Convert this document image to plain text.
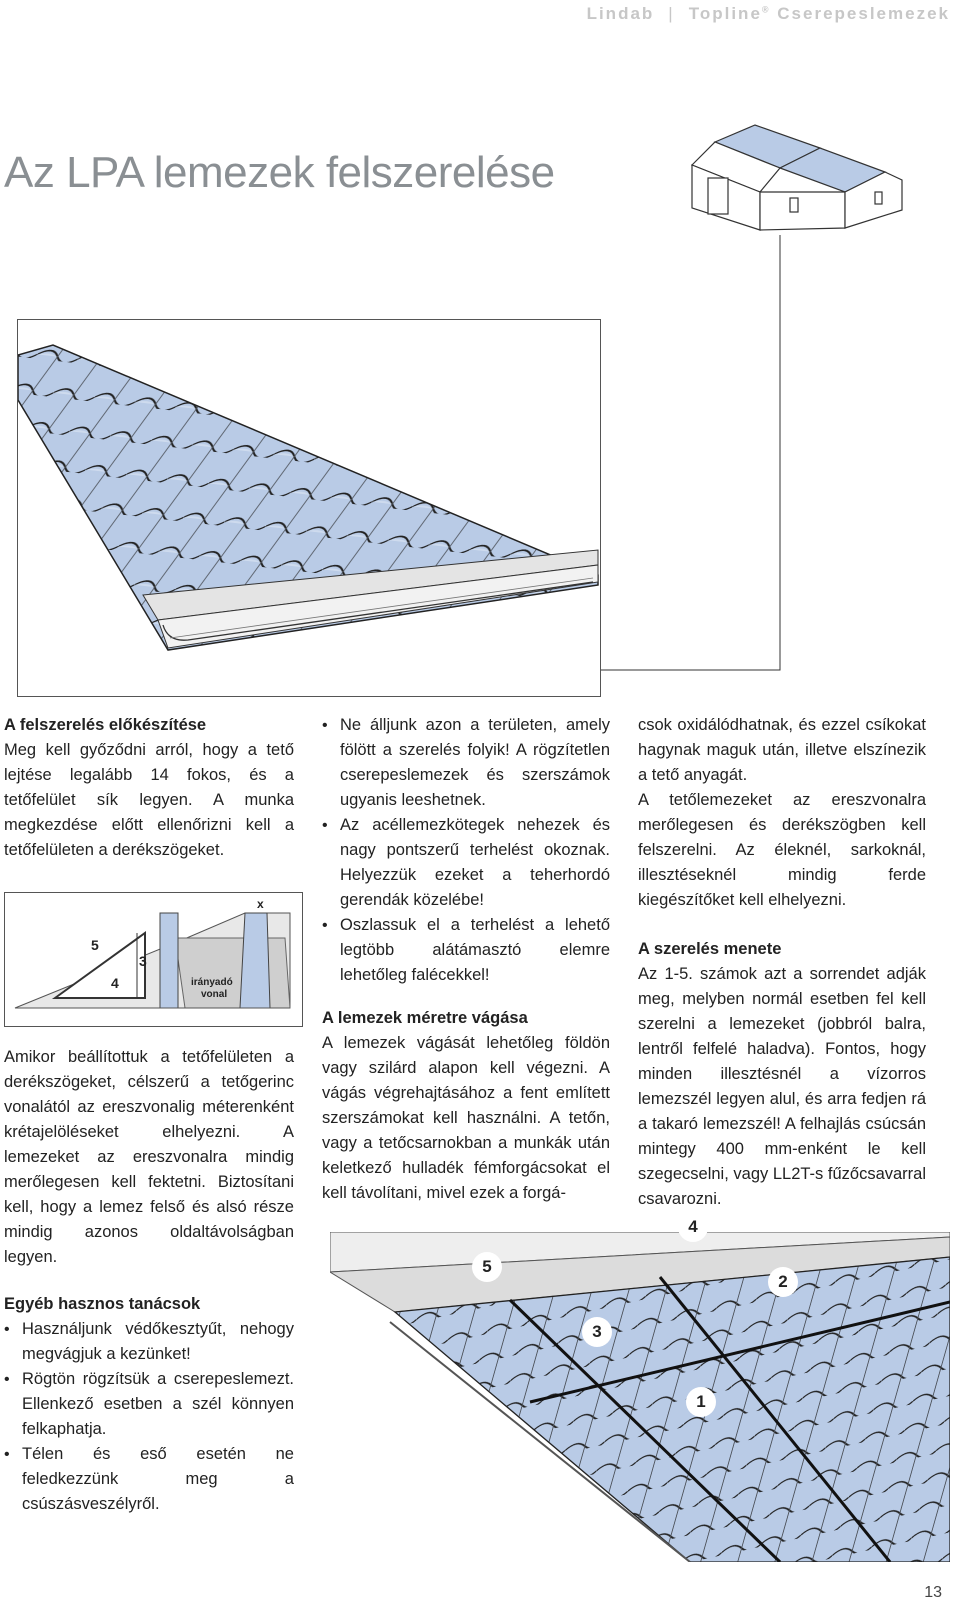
Lindab | Topline® Cserepeslemezek
Az LPA lemezek felszerelése
A felszerelés előkészítése

Meg kell győződni arról, hogy a tető lejtése legalább 14 fokos, és a tetőfelület sík legyen. A munka megkezdése előtt ellenőrizni kell a tetőfelületen a derékszögeket.

5
4
3
x
irányadó
vonal

Amikor beállítottuk a tetőfelületen a derékszögeket, célszerű a tetőgerinc vonalától az ereszvonalig méterenként krétajelöléseket elhelyezni. A lemezeket az ereszvonalra mindig merőlegesen kell fektetni. Biztosítani kell, hogy a lemez felső és alsó része mindig azonos oldaltávolságban legyen.

Egyéb hasznos tanácsok
• Használjunk védőkesztyűt, nehogy megvágjuk a kezünket!
• Rögtön rögzítsük a cserepeslemezt. Ellenkező esetben a szél könnyen felkaphatja.
• Télen és eső esetén ne feledkezzünk meg a csúszásveszélyről.
• Ne álljunk azon a területen, amely fölött a szerelés folyik! A rögzítetlen cserepeslemezek és szerszámok ugyanis leeshetnek.
• Az acéllemezkötegek nehezek és nagy pontszerű terhelést okoznak. Helyezzük ezeket a teherhordó gerendák közelébe!
• Oszlassuk el a terhelést a lehető legtöbb alátámasztó elemre lehetőleg falécekkel!
A lemezek méretre vágása

A lemezek vágását lehetőleg földön vagy szilárd alapon kell végezni. A vágás végrehajtásához a fent említett szerszámokat kell használni. A tetőn, vagy a tetőcsarnokban a munkák után keletkező hulladék fémforgácsokat el kell távolítani, mivel ezek a forgá-

csok oxidálódhatnak, és ezzel csíkokat hagynak maguk után, illetve elszínezik a tető anyagát.

A tetőlemezeket az ereszvonalra merőlegesen és derékszögben kell felszerelni. Az éleknél, sarkoknál, illesztéseknél mindig ferde kiegészítőket kell elhelyezni.

A szerelés menete

Az 1-5. számok azt a sorrendet adják meg, melyben normál esetben fel kell szerelni a lemezeket (jobbról balra, lentről felfelé haladva). Fontos, hogy minden illesztésnél a vízorros lemezszél legyen alul, és arra fedjen rá a takaró lemezszél! A felhajlás csúcsán mintegy 400 mm-enként le kell szegecselni, vagy LL2T-s fűzőcsavarral csavarozni.

5
4
3
2
1
13
